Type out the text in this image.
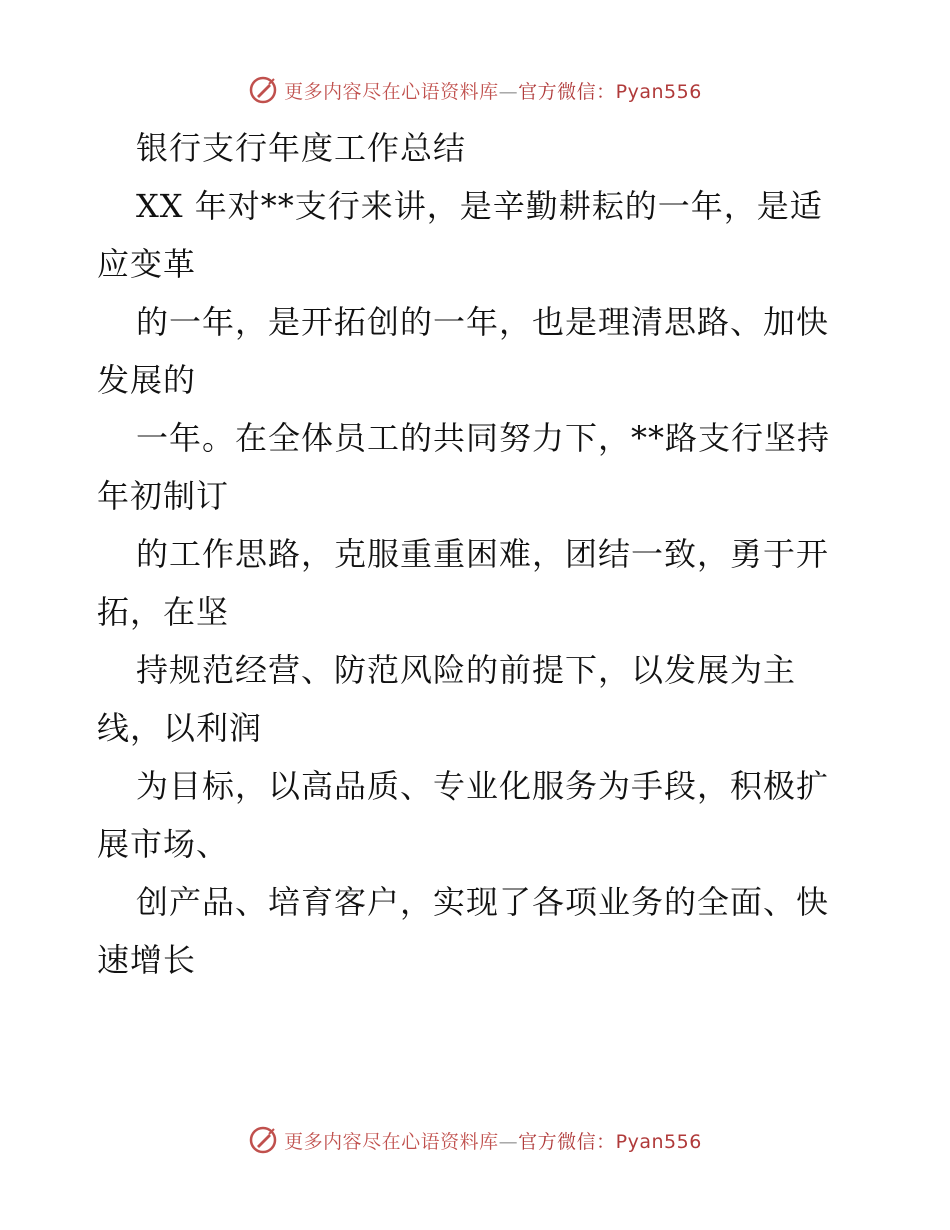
更多内容尽在心语资料库—官方微信：Pyan556
银行支行年度工作总结
XX 年对**支行来讲，是辛勤耕耘的一年，是适
应变革
的一年，是开拓创的一年，也是理清思路、加快
发展的
一年。在全体员工的共同努力下，**路支行坚持
年初制订
的工作思路，克服重重困难，团结一致，勇于开
拓，在坚
持规范经营、防范风险的前提下，以发展为主
线，以利润
为目标，以高品质、专业化服务为手段，积极扩
展市场、
创产品、培育客户，实现了各项业务的全面、快
速增长
更多内容尽在心语资料库—官方微信：Pyan556
